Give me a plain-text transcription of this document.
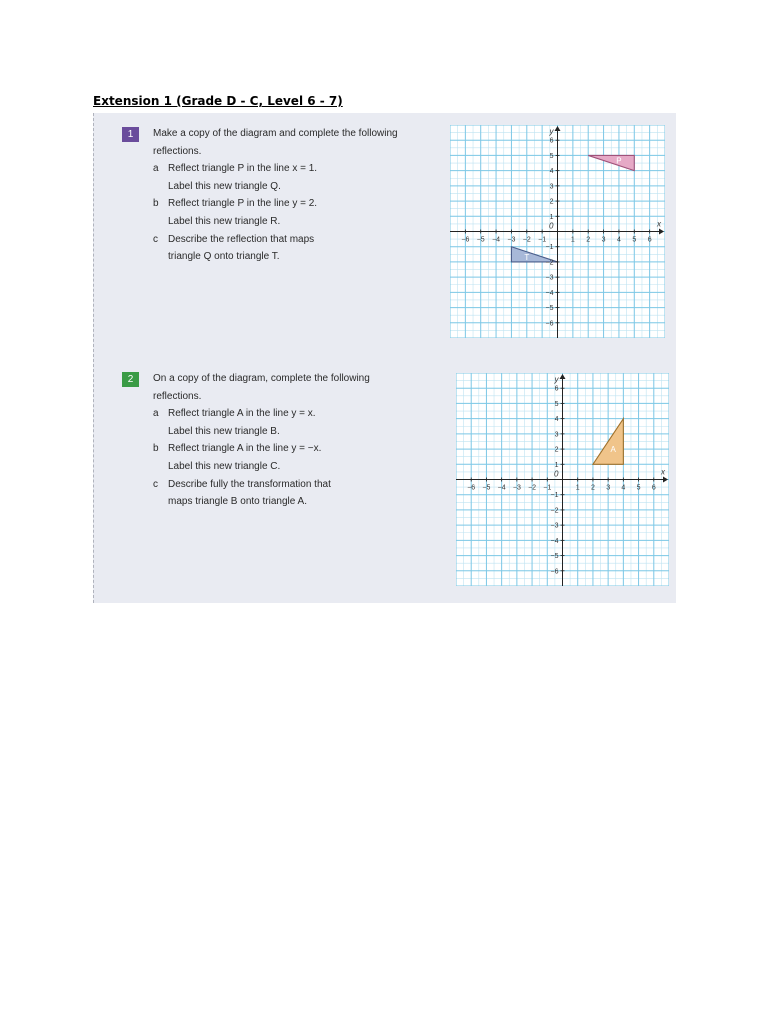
Extension 1 (Grade D - C, Level 6 - 7)
1	Make a copy of the diagram and complete the following
reflections.
a Reflect triangle P in the line x = 1.
Label this new triangle Q.
b Reflect triangle P in the line y = 2.
Label this new triangle R.
c Describe the reflection that maps
triangle Q onto triangle T.
2	On a copy of the diagram, complete the following
reflections.
a Reflect triangle A in the line y = x.
Label this new triangle B.
b Reflect triangle A in the line y = −x.
Label this new triangle C.
c Describe fully the transformation that
maps triangle B onto triangle A.
P
T
−6 −5 −4 −3 −2 −1	1 2 3 4 5 6
−6
−5
−4
−3
−2
−1
1
2
3
4
5
6
0	x
y
A
−6 −5 −4 −3 −2 −1	1 2 3 4 5 6
−6
−5
−4
−3
−2
−1
1
2
3
4
5
6
0	x
y
